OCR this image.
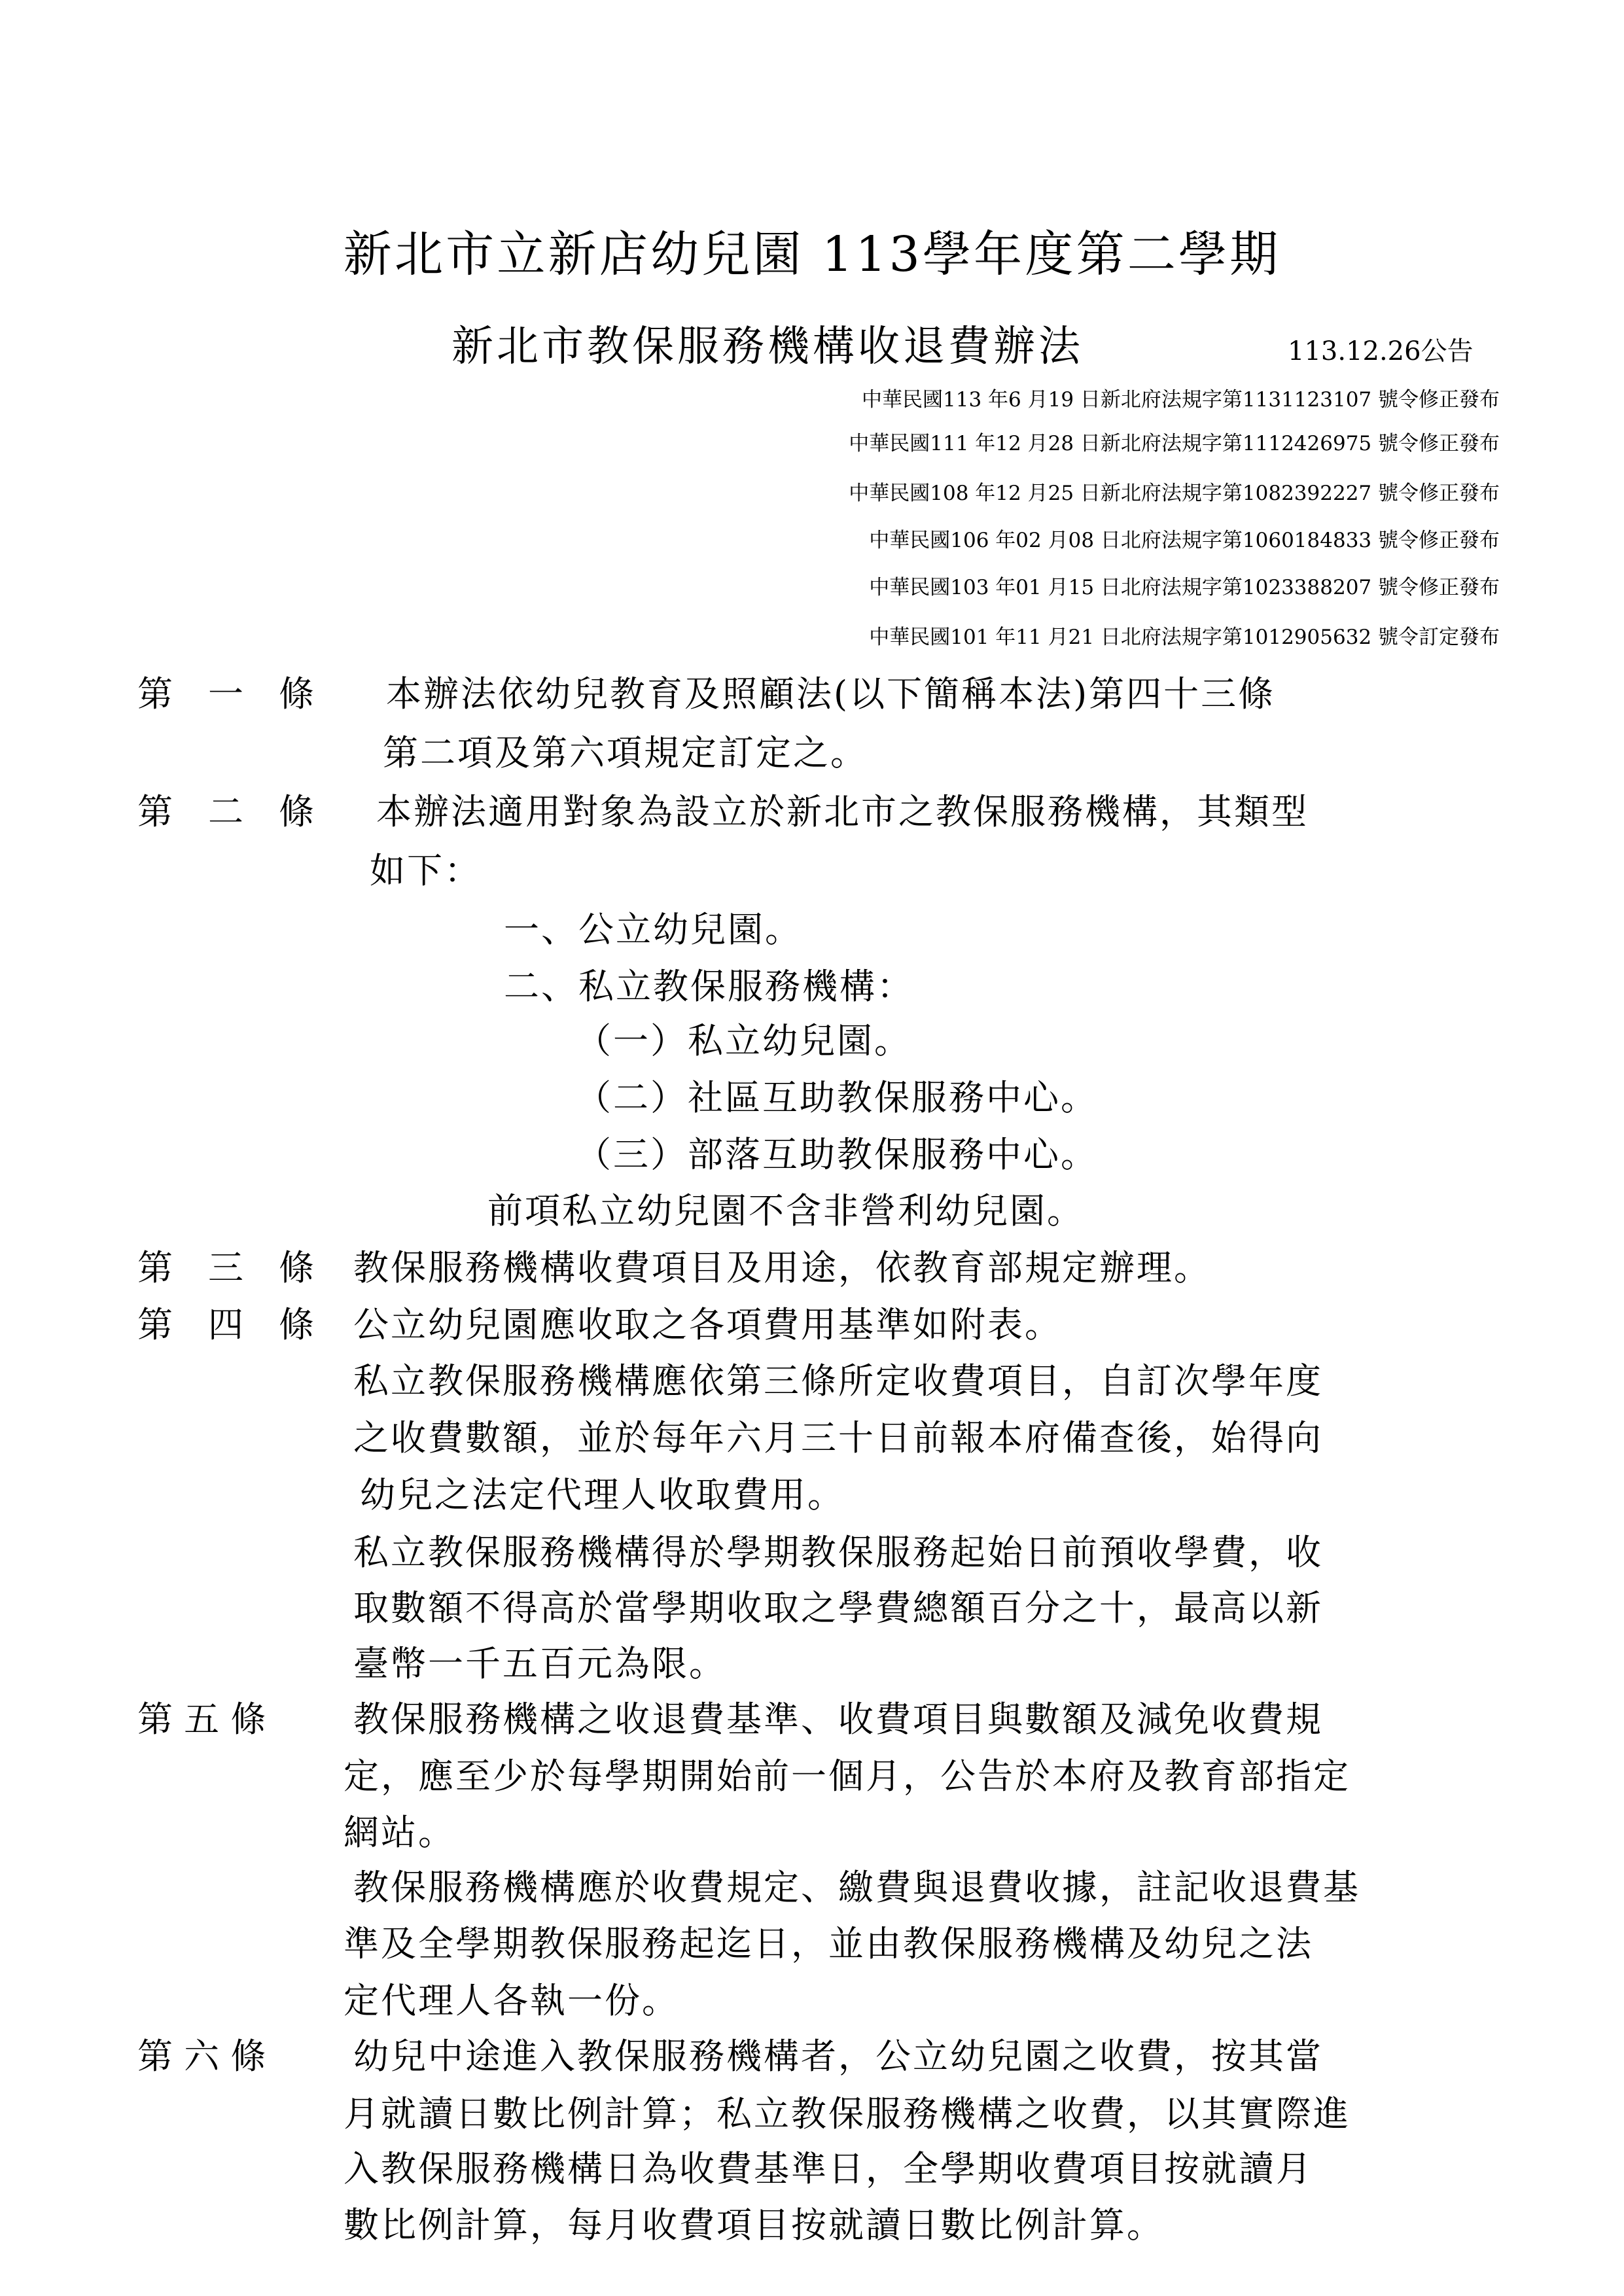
新北市立新店幼兒園 113學年度第二學期
新北市教保服務機構收退費辦法	113.12.26公告
中華民國113 年6 月19 日新北府法規字第1131123107 號令修正發布
中華民國111 年12 月28 日新北府法規字第1112426975 號令修正發布
中華民國108 年12 月25 日新北府法規字第1082392227 號令修正發布
中華民國106 年02 月08 日北府法規字第1060184833 號令修正發布
中華民國103 年01 月15 日北府法規字第1023388207 號令修正發布
中華民國101 年11 月21 日北府法規字第1012905632 號令訂定發布
第　一　條 本辦法依幼兒教育及照顧法(以下簡稱本法)第四十三條
第二項及第六項規定訂定之。
第　二　條 本辦法適用對象為設立於新北市之教保服務機構，其類型
如下：
一、公立幼兒園。
二、私立教保服務機構：
（一）私立幼兒園。
（二）社區互助教保服務中心。
（三）部落互助教保服務中心。
前項私立幼兒園不含非營利幼兒園。
第　三　條 教保服務機構收費項目及用途，依教育部規定辦理。
第　四　條 公立幼兒園應收取之各項費用基準如附表。
私立教保服務機構應依第三條所定收費項目，自訂次學年度
之收費數額，並於每年六月三十日前報本府備查後，始得向
幼兒之法定代理人收取費用。
私立教保服務機構得於學期教保服務起始日前預收學費，收
取數額不得高於當學期收取之學費總額百分之十，最高以新
臺幣一千五百元為限。
第 五 條 教保服務機構之收退費基準、收費項目與數額及減免收費規
定，應至少於每學期開始前一個月，公告於本府及教育部指定
網站。
教保服務機構應於收費規定、繳費與退費收據，註記收退費基
準及全學期教保服務起迄日，並由教保服務機構及幼兒之法
定代理人各執一份。
第 六 條 幼兒中途進入教保服務機構者，公立幼兒園之收費，按其當
月就讀日數比例計算；私立教保服務機構之收費，以其實際進
入教保服務機構日為收費基準日，全學期收費項目按就讀月
數比例計算，每月收費項目按就讀日數比例計算。
